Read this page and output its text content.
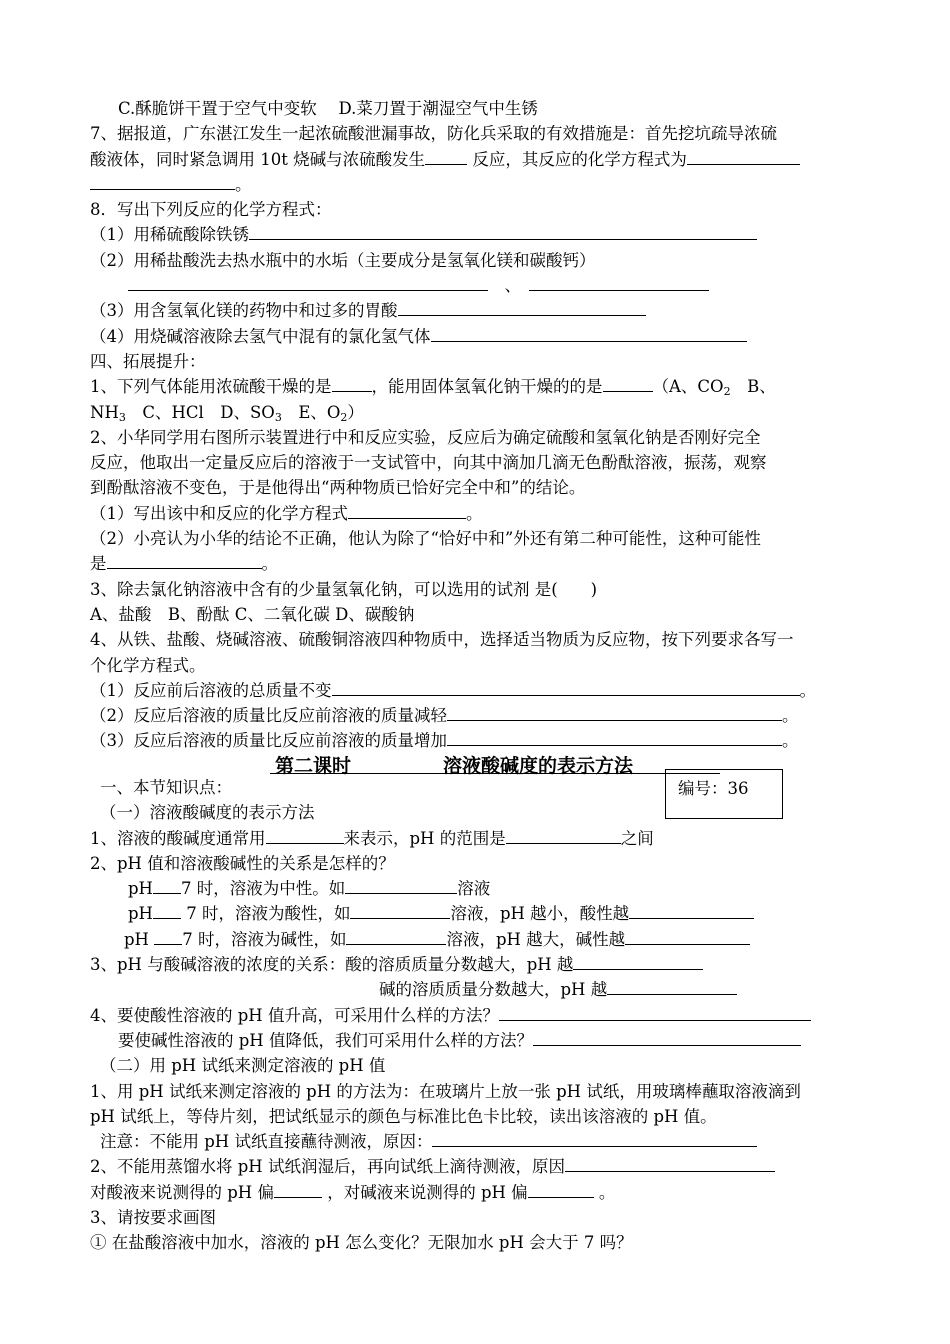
C.酥脆饼干置于空气中变软　 D.菜刀置于潮湿空气中生锈
7、据报道，广东湛江发生一起浓硫酸泄漏事故，防化兵采取的有效措施是：首先挖坑疏导浓硫
酸液体，同时紧急调用 10t 烧碱与浓硫酸发生	反应，其反应的化学方程式为
。
8．写出下列反应的化学方程式：
（1）用稀硫酸除铁锈
（2）用稀盐酸洗去热水瓶中的水垢（主要成分是氢氧化镁和碳酸钙）
　、　
（3）用含氢氧化镁的药物中和过多的胃酸
（4）用烧碱溶液除去氢气中混有的氯化氢气体
四、拓展提升：
1、下列气体能用浓硫酸干燥的是 ，能用固体氢氧化钠干燥的的是	（A、$CO_2$　B、
$NH_3$　C、HCl　D、$SO_3$　E、$O_2$）
2、小华同学用右图所示装置进行中和反应实验，反应后为确定硫酸和氢氧化钠是否刚好完全
反应，他取出一定量反应后的溶液于一支试管中，向其中滴加几滴无色酚酞溶液，振荡，观察
到酚酞溶液不变色，于是他得出“两种物质已恰好完全中和”的结论。
（1）写出该中和反应的化学方程式	。
（2）小亮认为小华的结论不正确，他认为除了“恰好中和”外还有第二种可能性，这种可能性
是	。
3、除去氯化钠溶液中含有的少量氢氧化钠，可以选用的试剂 是(　　)
A、盐酸　B、酚酞 C、二氧化碳 D、碳酸钠
4、从铁、盐酸、烧碱溶液、硫酸铜溶液四种物质中，选择适当物质为反应物，按下列要求各写一
个化学方程式。
（1）反应前后溶液的总质量不变	。
（2）反应后溶液的质量比反应前溶液的质量减轻	。
（3）反应后溶液的质量比反应前溶液的质量增加	。
第二课时	溶液酸碱度的表示方法
编号：36
一、本节知识点：
（一）溶液酸碱度的表示方法
1、溶液的酸碱度通常用	来表示，pH 的范围是	之间
2、pH 值和溶液酸碱性的关系是怎样的？
pH 7 时，溶液为中性。如	溶液
pH 7 时，溶液为酸性，如	溶液，pH 越小，酸性越
pH 7 时，溶液为碱性，如	溶液，pH 越大，碱性越
3、pH 与酸碱溶液的浓度的关系：酸的溶质质量分数越大，pH 越
碱的溶质质量分数越大，pH 越
4、要使酸性溶液的 pH 值升高，可采用什么样的方法？
要使碱性溶液的 pH 值降低，我们可采用什么样的方法？
（二）用 pH 试纸来测定溶液的 pH 值
1、用 pH 试纸来测定溶液的 pH 的方法为：在玻璃片上放一张 pH 试纸，用玻璃棒蘸取溶液滴到
pH 试纸上，等侍片刻，把试纸显示的颜色与标准比色卡比较，读出该溶液的 pH 值。
注意：不能用 pH 试纸直接蘸待测液，原因：
2、不能用蒸馏水将 pH 试纸润湿后，再向试纸上滴待测液，原因
对酸液来说测得的 pH 偏	，对碱液来说测得的 pH 偏	。
3、请按要求画图
① 在盐酸溶液中加水，溶液的 pH 怎么变化？无限加水 pH 会大于 7 吗？
